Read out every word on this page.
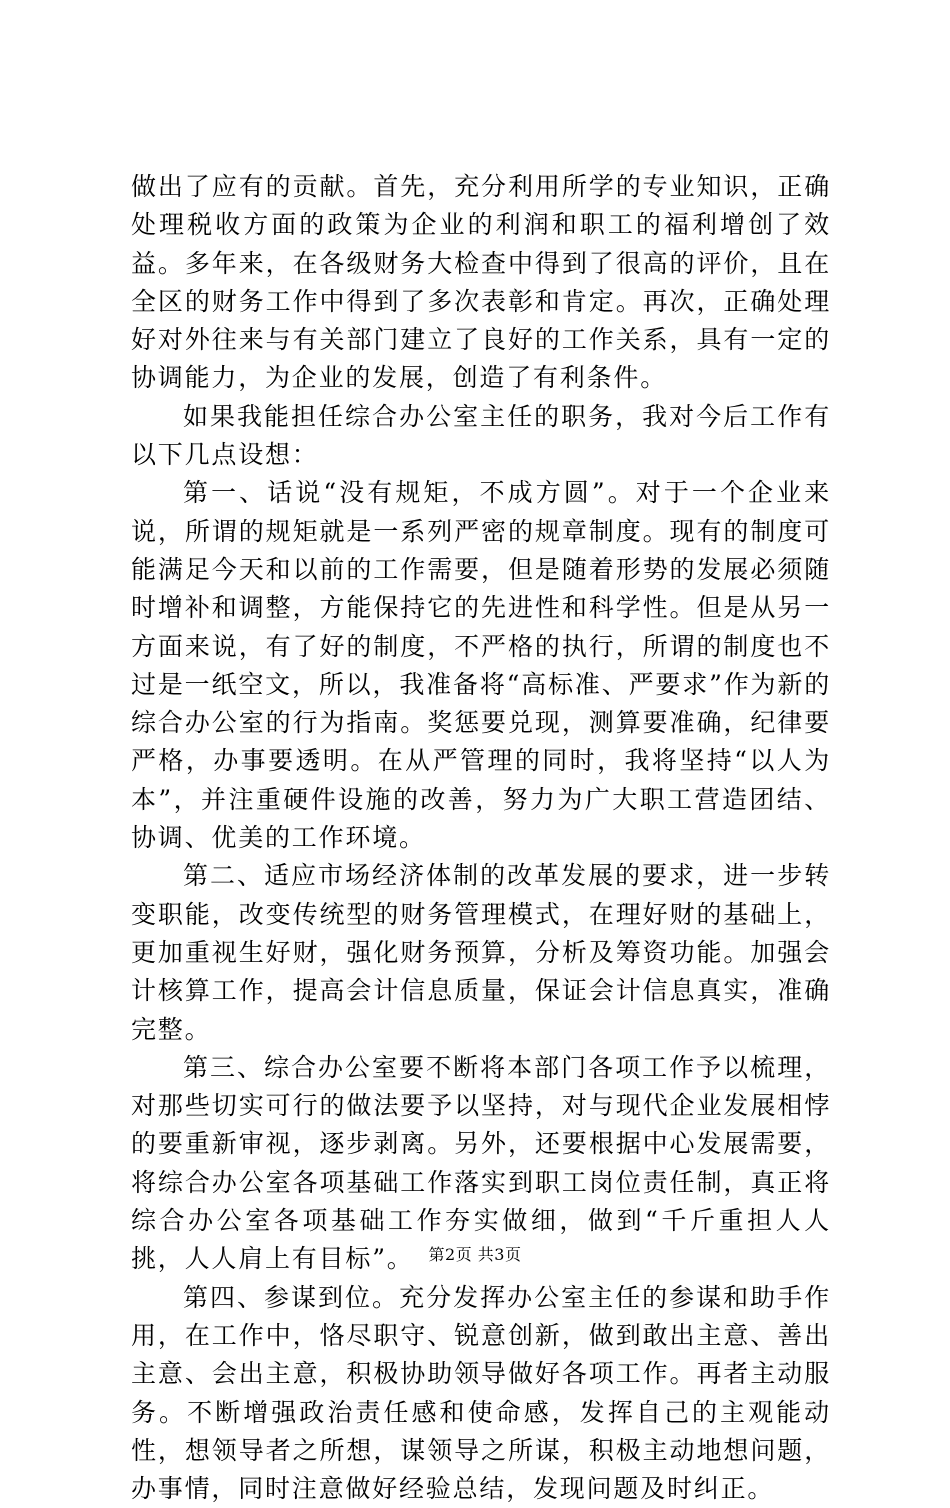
做出了应有的贡献。首先，充分利用所学的专业知识，正确处理税收方面的政策为企业的利润和职工的福利增创了效益。多年来，在各级财务大检查中得到了很高的评价，且在全区的财务工作中得到了多次表彰和肯定。再次，正确处理好对外往来与有关部门建立了良好的工作关系，具有一定的协调能力，为企业的发展，创造了有利条件。

如果我能担任综合办公室主任的职务，我对今后工作有以下几点设想：

第一、话说“没有规矩，不成方圆”。对于一个企业来说，所谓的规矩就是一系列严密的规章制度。现有的制度可能满足今天和以前的工作需要，但是随着形势的发展必须随时增补和调整，方能保持它的先进性和科学性。但是从另一方面来说，有了好的制度，不严格的执行，所谓的制度也不过是一纸空文，所以，我准备将“高标准、严要求”作为新的综合办公室的行为指南。奖惩要兑现，测算要准确，纪律要严格，办事要透明。在从严管理的同时，我将坚持“以人为本”，并注重硬件设施的改善，努力为广大职工营造团结、协调、优美的工作环境。

第二、适应市场经济体制的改革发展的要求，进一步转变职能，改变传统型的财务管理模式，在理好财的基础上，更加重视生好财，强化财务预算，分析及筹资功能。加强会计核算工作，提高会计信息质量，保证会计信息真实，准确完整。

第三、综合办公室要不断将本部门各项工作予以梳理，对那些切实可行的做法要予以坚持，对与现代企业发展相悖的要重新审视，逐步剥离。另外，还要根据中心发展需要，将综合办公室各项基础工作落实到职工岗位责任制，真正将综合办公室各项基础工作夯实做细，做到“千斤重担人人挑，人人肩上有目标”。

第四、参谋到位。充分发挥办公室主任的参谋和助手作用，在工作中，恪尽职守、锐意创新，做到敢出主意、善出主意、会出主意，积极协助领导做好各项工作。再者主动服务。不断增强政治责任感和使命感，发挥自己的主观能动性，想领导者之所想，谋领导之所谋，积极主动地想问题，办事情，同时注意做好经验总结，发现问题及时纠正。

第2页 共3页
